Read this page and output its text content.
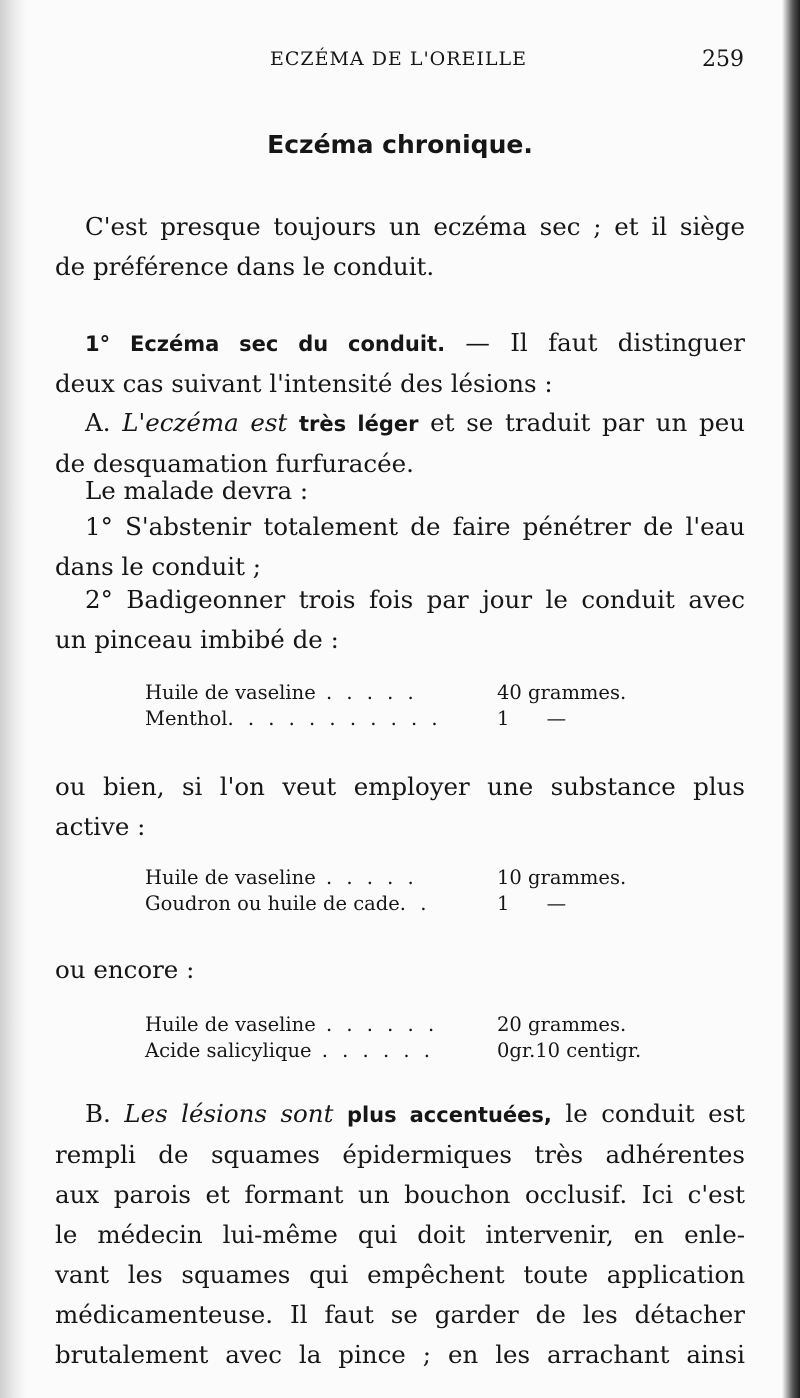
ECZÉMA DE L'OREILLE	259
Eczéma chronique.

C'est presque toujours un eczéma sec ; et il siège
de préférence dans le conduit.

1° Eczéma sec du conduit. — Il faut distinguer
deux cas suivant l'intensité des lésions :

A. L'eczéma est très léger et se traduit par un peu
de desquamation furfuracée.

Le malade devra :

1° S'abstenir totalement de faire pénétrer de l'eau
dans le conduit ;

2° Badigeonner trois fois par jour le conduit avec
un pinceau imbibé de :

Huile de vaseline . . . . .	40 grammes.
Menthol. . . . . . . . . . .	1      —

ou bien, si l'on veut employer une substance plus
active :

Huile de vaseline . . . . .	10 grammes.
Goudron ou huile de cade. .	1      —

ou encore :

Huile de vaseline . . . . . .	20 grammes.
Acide salicylique . . . . . .	0gr.10 centigr.

B. Les lésions sont plus accentuées, le conduit est
rempli de squames épidermiques très adhérentes
aux parois et formant un bouchon occlusif. Ici c'est
le médecin lui-même qui doit intervenir, en enle-
vant les squames qui empêchent toute application
médicamenteuse. Il faut se garder de les détacher
brutalement avec la pince ; en les arrachant ainsi
